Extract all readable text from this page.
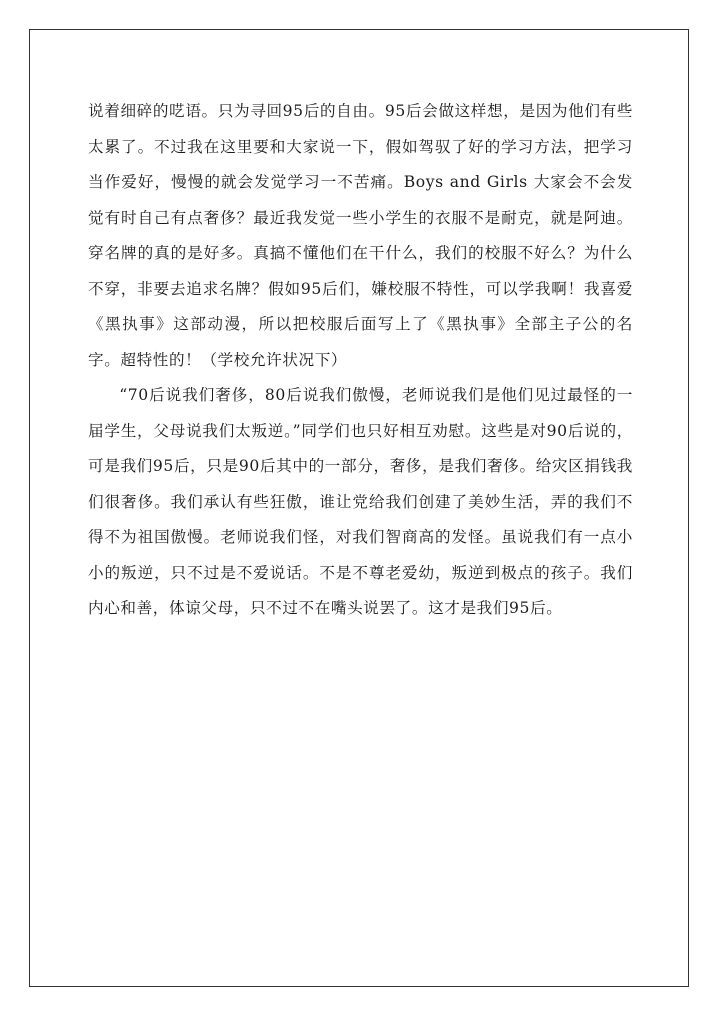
说着细碎的呓语。只为寻回95后的自由。95后会做这样想，是因为他们有些太累了。不过我在这里要和大家说一下，假如驾驭了好的学习方法，把学习当作爱好，慢慢的就会发觉学习一不苦痛。Boys and Girls 大家会不会发觉有时自己有点奢侈？最近我发觉一些小学生的衣服不是耐克，就是阿迪。穿名牌的真的是好多。真搞不懂他们在干什么，我们的校服不好么？为什么不穿，非要去追求名牌？假如95后们，嫌校服不特性，可以学我啊！我喜爱《黑执事》这部动漫，所以把校服后面写上了《黑执事》全部主子公的名字。超特性的！（学校允许状况下）

“70后说我们奢侈，80后说我们傲慢，老师说我们是他们见过最怪的一届学生，父母说我们太叛逆。”同学们也只好相互劝慰。这些是对90后说的，可是我们95后，只是90后其中的一部分，奢侈，是我们奢侈。给灾区捐钱我们很奢侈。我们承认有些狂傲，谁让党给我们创建了美妙生活，弄的我们不得不为祖国傲慢。老师说我们怪，对我们智商高的发怪。虽说我们有一点小小的叛逆，只不过是不爱说话。不是不尊老爱幼，叛逆到极点的孩子。我们内心和善，体谅父母，只不过不在嘴头说罢了。这才是我们95后。
